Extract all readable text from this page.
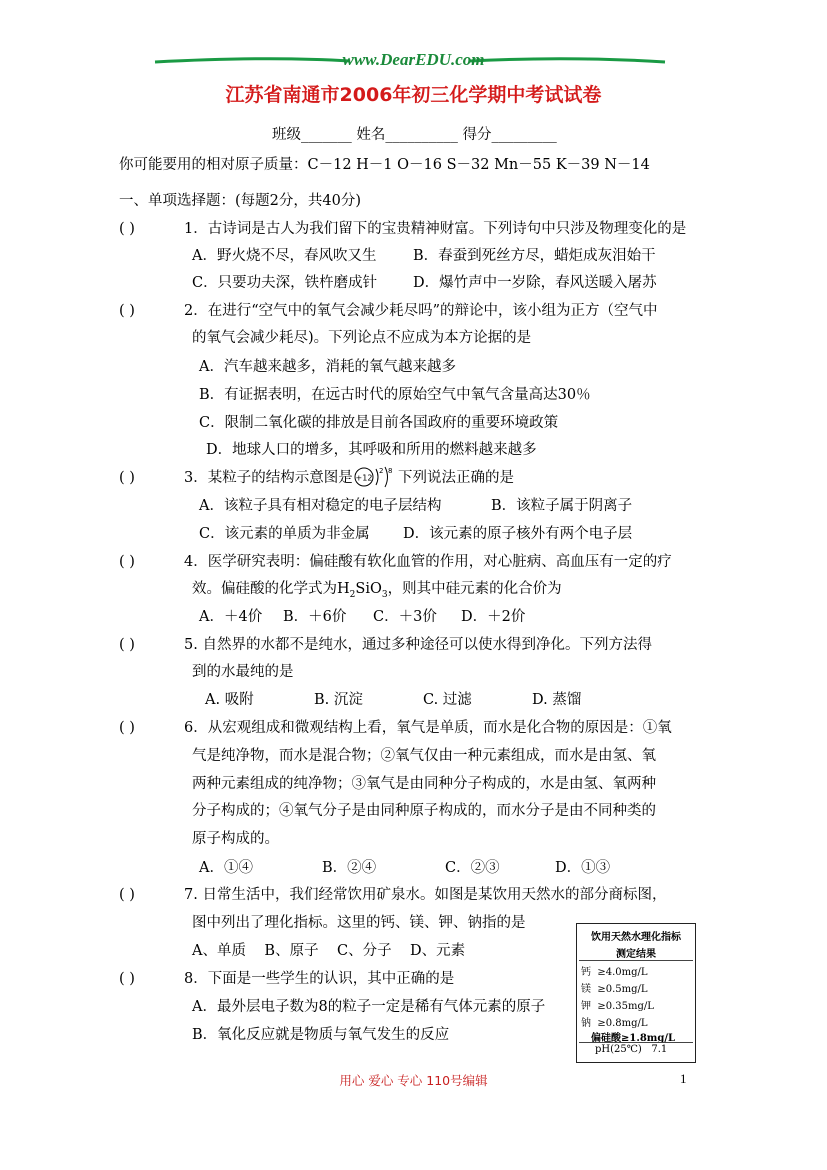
www.DearEDU.com
江苏省南通市2006年初三化学期中考试试卷
班级_______ 姓名__________ 得分_________
你可能要用的相对原子质量：C－12 H－1 O－16 S－32 Mn－55 K－39 N－14
一、单项选择题：(每题2分，共40分)
( )	1．古诗词是古人为我们留下的宝贵精神财富。下列诗句中只涉及物理变化的是
A．野火烧不尽，春风吹又生	B．春蚕到死丝方尽，蜡炬成灰泪始干
C．只要功夫深，铁杵磨成针 D．爆竹声中一岁除，春风送暖入屠苏
( )	2．在进行“空气中的氧气会减少耗尽吗”的辩论中，该小组为正方（空气中
的氧气会减少耗尽)。下列论点不应成为本方论据的是
A．汽车越来越多，消耗的氧气越来越多
B．有证据表明，在远古时代的原始空气中氧气含量高达30％
C．限制二氧化碳的排放是目前各国政府的重要环境政策
D．地球人口的增多，其呼吸和所用的燃料越来越多
( )	3．某粒子的结构示意图是 +12
2 8 下列说法正确的是
A．该粒子具有相对稳定的电子层结构	B．该粒子属于阴离子
C．该元素的单质为非金属 D．该元素的原子核外有两个电子层
( )	4．医学研究表明：偏硅酸有软化血管的作用，对心脏病、高血压有一定的疗
效。偏硅酸的化学式为$H_2SiO_3$，则其中硅元素的化合价为
A．＋4价 B．＋6价 C．＋3价 D．＋2价
( )	5. 自然界的水都不是纯水，通过多种途径可以使水得到净化。下列方法得
到的水最纯的是
A. 吸附	B. 沉淀	C. 过滤	D. 蒸馏
( )	6．从宏观组成和微观结构上看，氧气是单质，而水是化合物的原因是：①氧
气是纯净物，而水是混合物；②氧气仅由一种元素组成，而水是由氢、氧
两种元素组成的纯净物；③氧气是由同种分子构成的，水是由氢、氧两种
分子构成的；④氧气分子是由同种原子构成的，而水分子是由不同种类的
原子构成的。
A．①④	B．②④	C．②③	D．①③
( )	7. 日常生活中，我们经常饮用矿泉水。如图是某饮用天然水的部分商标图，
图中列出了理化指标。这里的钙、镁、钾、钠指的是
A、单质    B、原子    C、分子    D、元素
( )	8．下面是一些学生的认识，其中正确的是
A．最外层电子数为8的粒子一定是稀有气体元素的原子
B．氧化反应就是物质与氧气发生的反应
饮用天然水理化指标
测定结果
钙 ≥4.0mg/L
镁 ≥0.5mg/L
钾 ≥0.35mg/L
钠 ≥0.8mg/L
偏硅酸≥1.8mg/L
pH(25℃)   7.1
用心 爱心 专心 110号编辑	1
